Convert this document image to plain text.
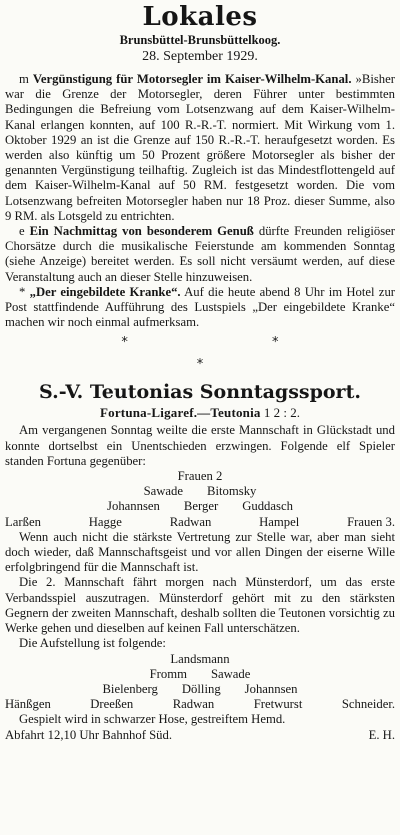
Lokales
Brunsbüttel-Brunsbüttelkoog.
28. September 1929.

m Vergünstigung für Motorsegler im Kaiser-Wilhelm-Kanal. »Bisher war die Grenze der Motorsegler, deren Führer unter bestimmten Bedingungen die Befreiung vom Lotsenzwang auf dem Kaiser-Wilhelm-Kanal erlangen konnten, auf 100 R.-R.-T. normiert. Mit Wirkung vom 1. Oktober 1929 an ist die Grenze auf 150 R.-R.-T. heraufgesetzt worden. Es werden also künftig um 50 Prozent größere Motorsegler als bisher der genannten Vergünstigung teilhaftig. Zugleich ist das Mindestflottengeld auf dem Kaiser-Wilhelm-Kanal auf 50 RM. festgesetzt worden. Die vom Lotsenzwang befreiten Motorsegler haben nur 18 Proz. dieser Summe, also 9 RM. als Lotsgeld zu entrichten.

e Ein Nachmittag von besonderem Genuß dürfte Freunden religiöser Chorsätze durch die musikalische Feierstunde am kommenden Sonntag (siehe Anzeige) bereitet werden. Es soll nicht versäumt werden, auf diese Veranstaltung auch an dieser Stelle hinzuweisen.

* „Der eingebildete Kranke“. Auf die heute abend 8 Uhr im Hotel zur Post stattfindende Aufführung des Lustspiels „Der eingebildete Kranke“ machen wir noch einmal aufmerksam.

* * *
S.-V. Teutonias Sonntagssport.
Fortuna-Ligaref.—Teutonia 1 2 : 2.

Am vergangenen Sonntag weilte die erste Mannschaft in Glückstadt und konnte dortselbst ein Unentschieden erzwingen. Folgende elf Spieler standen Fortuna gegenüber:

Frauen 2
Sawade Bitomsky
Johannsen Berger Guddasch
Larßen	Hagge	Radwan	Hampel	Frauen 3.

Wenn auch nicht die stärkste Vertretung zur Stelle war, aber man sieht doch wieder, daß Mannschaftsgeist und vor allen Dingen der eiserne Wille erfolgbringend für die Mannschaft ist.

Die 2. Mannschaft fährt morgen nach Münsterdorf, um das erste Verbandsspiel auszutragen. Münsterdorf gehört mit zu den stärksten Gegnern der zweiten Mannschaft, deshalb sollten die Teutonen vorsichtig zu Werke gehen und dieselben auf keinen Fall unterschätzen.

Die Aufstellung ist folgende:

Landsmann
Fromm Sawade
Bielenberg Dölling Johannsen
Hänßgen	Dreeßen	Radwan	Fretwurst	Schneider.

Gespielt wird in schwarzer Hose, gestreiftem Hemd.

Abfahrt 12,10 Uhr Bahnhof Süd.	E. H.
